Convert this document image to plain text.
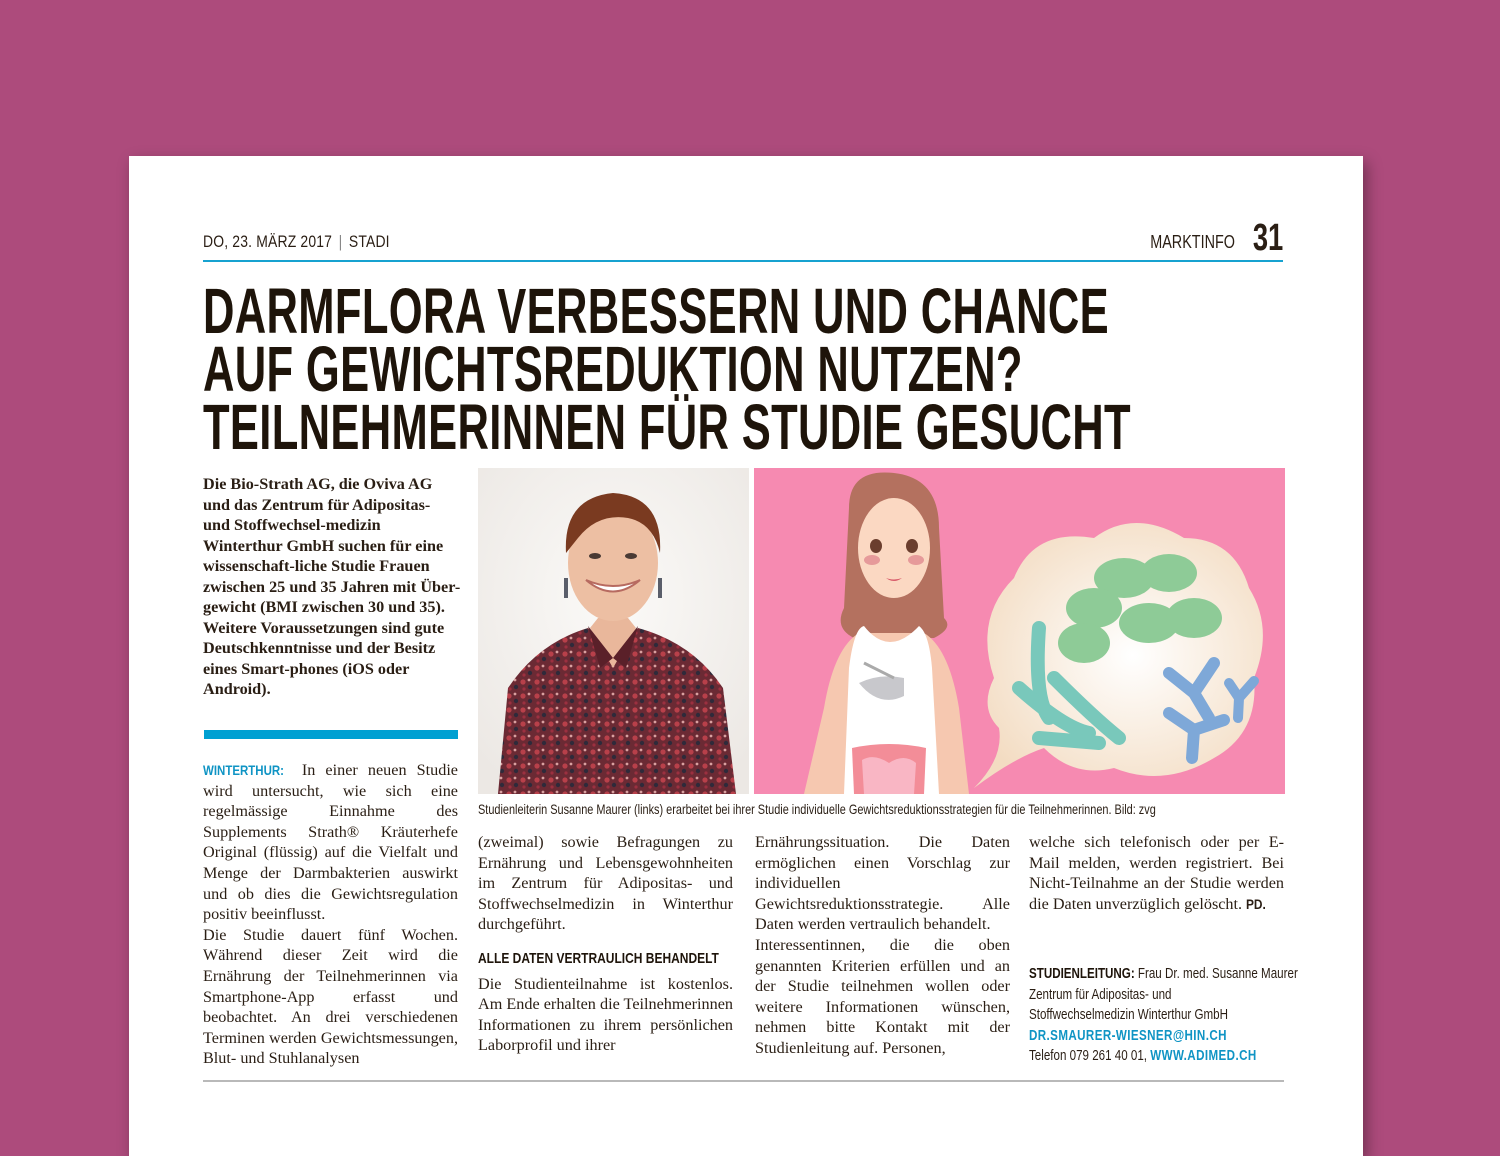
DO, 23. MÄRZ 2017 | STADI	MARKTINFO 31
DARMFLORA VERBESSERN UND CHANCE
AUF GEWICHTSREDUKTION NUTZEN?
TEILNEHMERINNEN FÜR STUDIE GESUCHT
Die Bio-Strath AG, die Oviva AG und das Zentrum für Adipositas- und Stoffwechsel-medizin Winterthur GmbH suchen für eine wissenschaft-liche Studie Frauen zwischen 25 und 35 Jahren mit Über-gewicht (BMI zwischen 30 und 35). Weitere Voraussetzungen sind gute Deutschkenntnisse und der Besitz eines Smart-phones (iOS oder Android).
Studienleiterin Susanne Maurer (links) erarbeitet bei ihrer Studie individuelle Gewichtsreduktionsstrategien für die Teilnehmerinnen. Bild: zvg

WINTERTHUR: In einer neuen Studie wird untersucht, wie sich eine regelmässige Einnahme des Supplements Strath® Kräuterhefe Original (flüssig) auf die Vielfalt und Menge der Darmbakterien auswirkt und ob dies die Gewichtsregulation positiv beeinflusst.

Die Studie dauert fünf Wochen. Während dieser Zeit wird die Ernährung der Teilnehmerinnen via Smartphone-App erfasst und beobachtet. An drei verschiedenen Terminen werden Gewichtsmessungen, Blut- und Stuhlanalysen

(zweimal) sowie Befragungen zu Ernährung und Lebensgewohnheiten im Zentrum für Adipositas- und Stoffwechselmedizin in Winterthur durchgeführt.

ALLE DATEN VERTRAULICH BEHANDELT

Die Studienteilnahme ist kostenlos. Am Ende erhalten die Teilnehmerinnen Informationen zu ihrem persönlichen Laborprofil und ihrer

Ernährungssituation. Die Daten ermöglichen einen Vorschlag zur individuellen Gewichtsreduktionsstrategie. Alle Daten werden vertraulich behandelt.

Interessentinnen, die die oben genannten Kriterien erfüllen und an der Studie teilnehmen wollen oder weitere Informationen wünschen, nehmen bitte Kontakt mit der Studienleitung auf. Personen,

welche sich telefonisch oder per E-Mail melden, werden registriert. Bei Nicht-Teilnahme an der Studie werden die Daten unverzüglich gelöscht. PD.

STUDIENLEITUNG: Frau Dr. med. Susanne Maurer
Zentrum für Adipositas- und
Stoffwechselmedizin Winterthur GmbH
DR.SMAURER-WIESNER@HIN.CH
Telefon 079 261 40 01, WWW.ADIMED.CH
